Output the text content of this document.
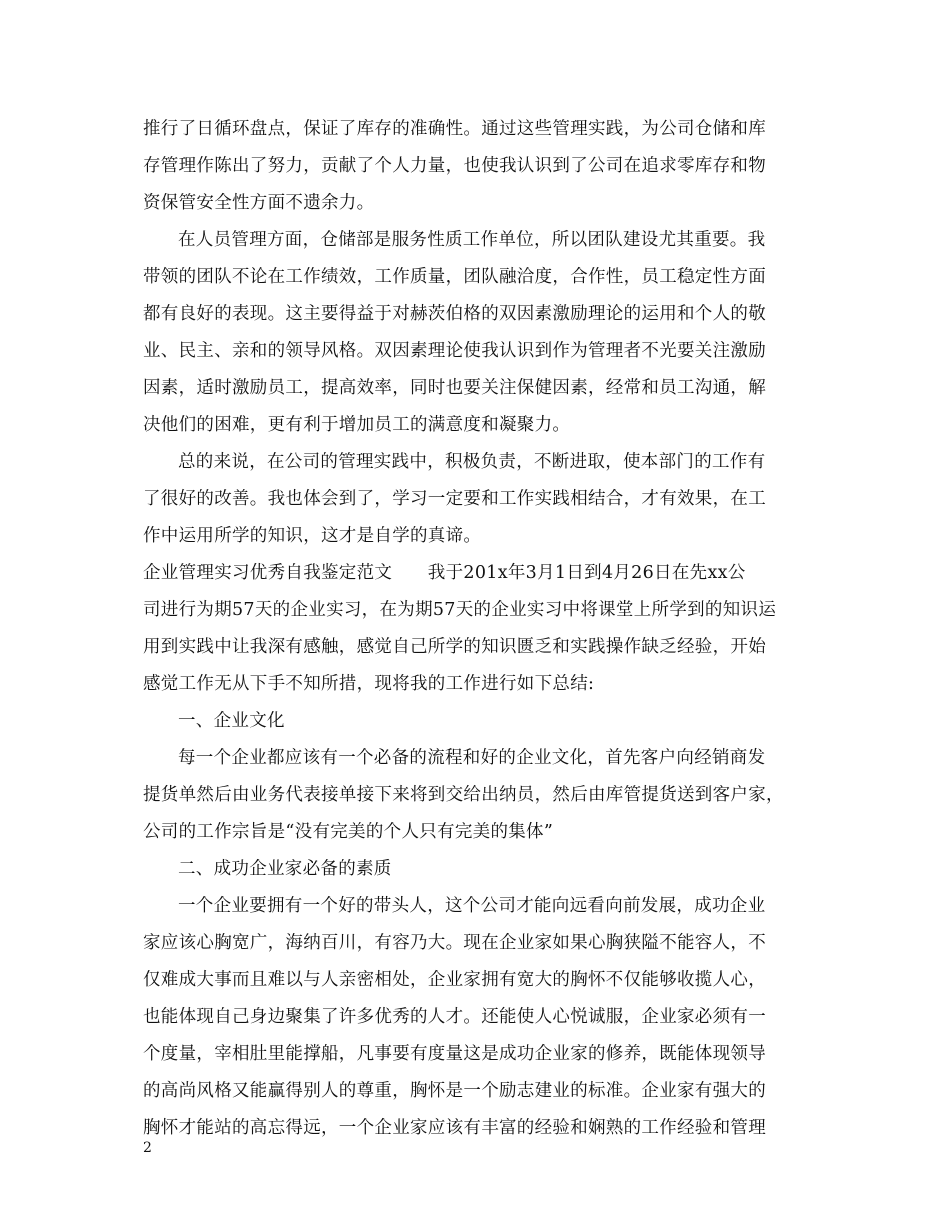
推行了日循环盘点，保证了库存的准确性。通过这些管理实践，为公司仓储和库
存管理作陈出了努力，贡献了个人力量，也使我认识到了公司在追求零库存和物
资保管安全性方面不遗余力。
在人员管理方面，仓储部是服务性质工作单位，所以团队建设尤其重要。我
带领的团队不论在工作绩效，工作质量，团队融洽度，合作性，员工稳定性方面
都有良好的表现。这主要得益于对赫茨伯格的双因素激励理论的运用和个人的敬
业、民主、亲和的领导风格。双因素理论使我认识到作为管理者不光要关注激励
因素，适时激励员工，提高效率，同时也要关注保健因素，经常和员工沟通，解
决他们的困难，更有利于增加员工的满意度和凝聚力。
总的来说，在公司的管理实践中，积极负责，不断进取，使本部门的工作有
了很好的改善。我也体会到了，学习一定要和工作实践相结合，才有效果，在工
作中运用所学的知识，这才是自学的真谛。
企业管理实习优秀自我鉴定范文　　我于201x年3月1日到4月26日在先xx公
司进行为期57天的企业实习，在为期57天的企业实习中将课堂上所学到的知识运
用到实践中让我深有感触，感觉自己所学的知识匮乏和实践操作缺乏经验，开始
感觉工作无从下手不知所措，现将我的工作进行如下总结:
一、企业文化
每一个企业都应该有一个必备的流程和好的企业文化，首先客户向经销商发
提货单然后由业务代表接单接下来将到交给出纳员，然后由库管提货送到客户家，
公司的工作宗旨是“没有完美的个人只有完美的集体”
二、成功企业家必备的素质
一个企业要拥有一个好的带头人，这个公司才能向远看向前发展，成功企业
家应该心胸宽广，海纳百川，有容乃大。现在企业家如果心胸狭隘不能容人，不
仅难成大事而且难以与人亲密相处，企业家拥有宽大的胸怀不仅能够收揽人心，
也能体现自己身边聚集了许多优秀的人才。还能使人心悦诚服，企业家必须有一
个度量，宰相肚里能撑船，凡事要有度量这是成功企业家的修养，既能体现领导
的高尚风格又能赢得别人的尊重，胸怀是一个励志建业的标准。企业家有强大的
胸怀才能站的高忘得远，一个企业家应该有丰富的经验和娴熟的工作经验和管理
2
